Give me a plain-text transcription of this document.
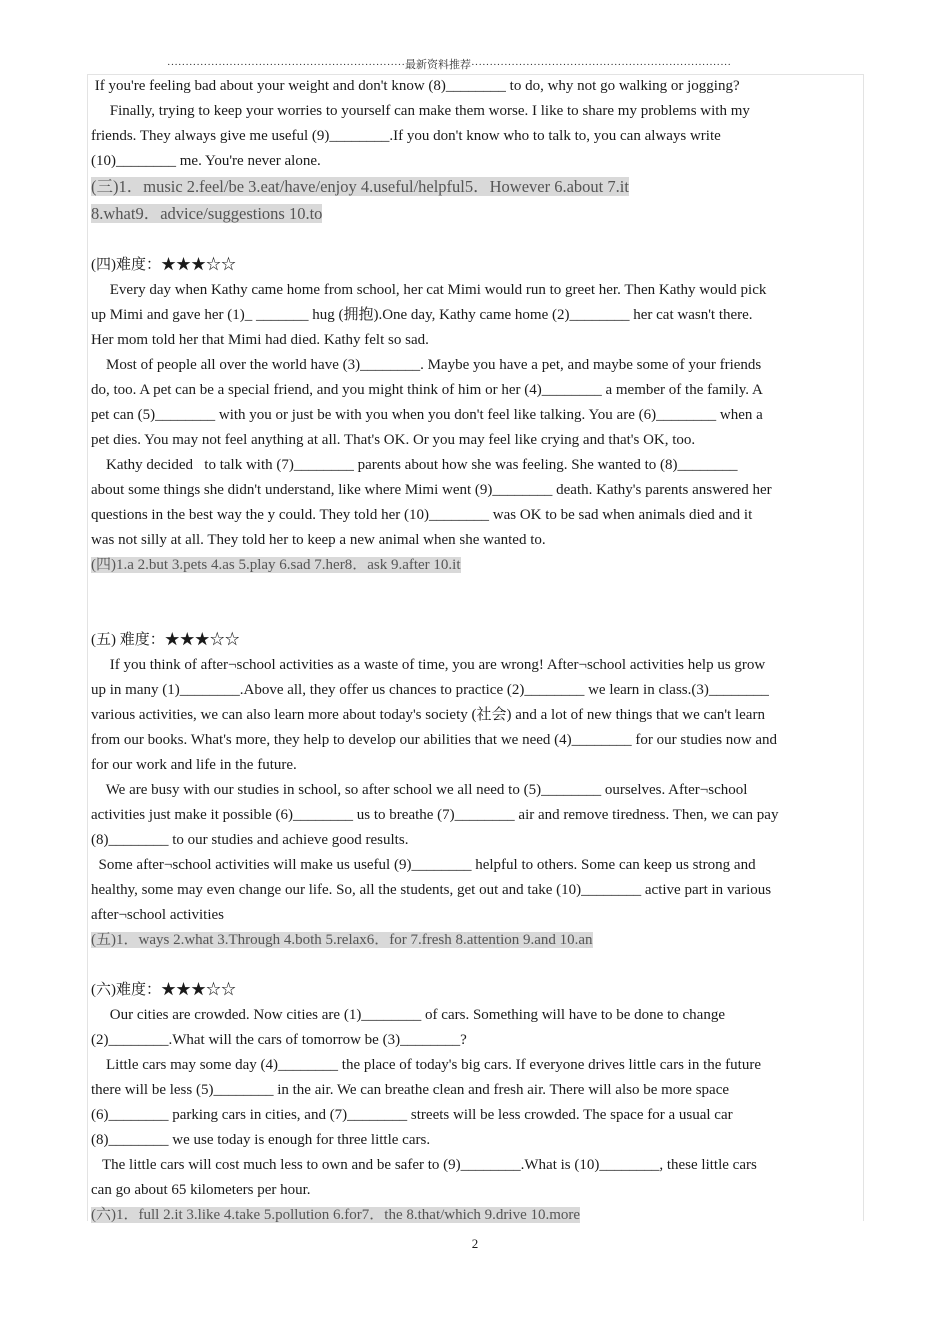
·································································最新资料推荐·······································································
If you're feeling bad about your weight and don't know (8)________ to do, why not go walking or jogging?
Finally, trying to keep your worries to yourself can make them worse. I like to share my problems with my
friends. They always give me useful (9)________.If you don't know who to talk to, you can always write
(10)________ me. You're never alone.
(三)1．music 2.feel/be 3.eat/have/enjoy 4.useful/helpful5．However 6.about 7.it
8.what9．advice/suggestions 10.to
(四)难度：★★★☆☆
Every day when Kathy came home from school, her cat Mimi would run to greet her. Then Kathy would pick
up Mimi and gave her (1)_ _______ hug (拥抱).One day, Kathy came home (2)________ her cat wasn't there.
Her mom told her that Mimi had died. Kathy felt so sad.
Most of people all over the world have (3)________. Maybe you have a pet, and maybe some of your friends
do, too. A pet can be a special friend, and you might think of him or her (4)________ a member of the family. A
pet can (5)________ with you or just be with you when you don't feel like talking. You are (6)________ when a
pet dies. You may not feel anything at all. That's OK. Or you may feel like crying and that's OK, too.
Kathy decided   to talk with (7)________ parents about how she was feeling. She wanted to (8)________
about some things she didn't understand, like where Mimi went (9)________ death. Kathy's parents answered her
questions in the best way the y could. They told her (10)________ was OK to be sad when animals died and it
was not silly at all. They told her to keep a new animal when she wanted to.
(四)1.a 2.but 3.pets 4.as 5.play 6.sad 7.her8．ask 9.after 10.it
(五) 难度：★★★☆☆
If you think of after¬school activities as a waste of time, you are wrong! After¬school activities help us grow
up in many (1)________.Above all, they offer us chances to practice (2)________ we learn in class.(3)________
various activities, we can also learn more about today's society (社会) and a lot of new things that we can't learn
from our books. What's more, they help to develop our abilities that we need (4)________ for our studies now and
for our work and life in the future.
We are busy with our studies in school, so after school we all need to (5)________ ourselves. After¬school
activities just make it possible (6)________ us to breathe (7)________ air and remove tiredness. Then, we can pay
(8)________ to our studies and achieve good results.
Some after¬school activities will make us useful (9)________ helpful to others. Some can keep us strong and
healthy, some may even change our life. So, all the students, get out and take (10)________ active part in various
after¬school activities
(五)1．ways 2.what 3.Through 4.both 5.relax6．for 7.fresh 8.attention 9.and 10.an
(六)难度：★★★☆☆
Our cities are crowded. Now cities are (1)________ of cars. Something will have to be done to change
(2)________.What will the cars of tomorrow be (3)________?
Little cars may some day (4)________ the place of today's big cars. If everyone drives little cars in the future
there will be less (5)________ in the air. We can breathe clean and fresh air. There will also be more space
(6)________ parking cars in cities, and (7)________ streets will be less crowded. The space for a usual car
(8)________ we use today is enough for three little cars.
The little cars will cost much less to own and be safer to (9)________.What is (10)________, these little cars
can go about 65 kilometers per hour.
(六)1．full 2.it 3.like 4.take 5.pollution 6.for7．the 8.that/which 9.drive 10.more
2
